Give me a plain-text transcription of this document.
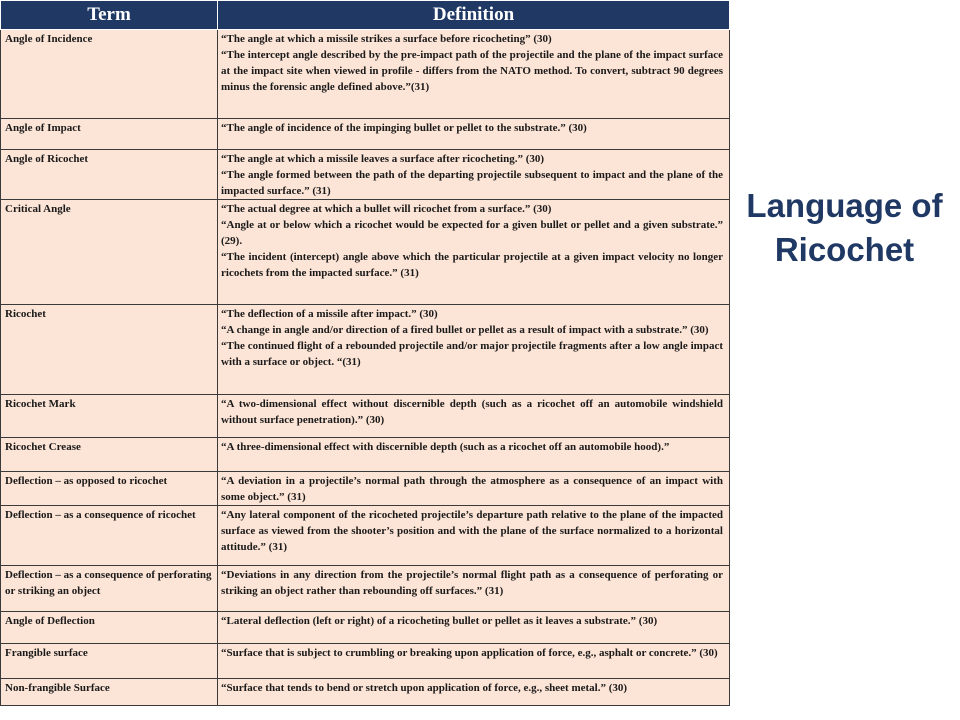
Term	Definition
Angle of Incidence	“The angle at which a missile strikes a surface before ricocheting” (30)
“The intercept angle described by the pre-impact path of the projectile and the plane of the impact surface at the impact site when viewed in profile - differs from the NATO method. To convert, subtract 90 degrees minus the forensic angle defined above.”(31)

Angle of Impact	“The angle of incidence of the impinging bullet or pellet to the substrate.” (30)

Angle of Ricochet	“The angle at which a missile leaves a surface after ricocheting.” (30)
“The angle formed between the path of the departing projectile subsequent to impact and the plane of the impacted surface.” (31)

Critical Angle	“The actual degree at which a bullet will ricochet from a surface.” (30)
“Angle at or below which a ricochet would be expected for a given bullet or pellet and a given substrate.” (29).
“The incident (intercept) angle above which the particular projectile at a given impact velocity no longer ricochets from the impacted surface.” (31)

Ricochet	“The deflection of a missile after impact.” (30)
“A change in angle and/or direction of a fired bullet or pellet as a result of impact with a substrate.” (30)
“The continued flight of a rebounded projectile and/or major projectile fragments after a low angle impact with a surface or object. “(31)

Ricochet Mark	“A two-dimensional effect without discernible depth (such as a ricochet off an automobile windshield without surface penetration).” (30)

Ricochet Crease	“A three-dimensional effect with discernible depth (such as a ricochet off an automobile hood).”

Deflection – as opposed to ricochet	“A deviation in a projectile’s normal path through the atmosphere as a consequence of an impact with some object.” (31)

Deflection – as a consequence of ricochet	“Any lateral component of the ricocheted projectile’s departure path relative to the plane of the impacted surface as viewed from the shooter’s position and with the plane of the surface normalized to a horizontal attitude.” (31)

Deflection – as a consequence of perforating or striking an object	“Deviations in any direction from the projectile’s normal flight path as a consequence of perforating or striking an object rather than rebounding off surfaces.” (31)

Angle of Deflection	“Lateral deflection (left or right) of a ricocheting bullet or pellet as it leaves a substrate.” (30)

Frangible surface	“Surface that is subject to crumbling or breaking upon application of force, e.g., asphalt or concrete.” (30)

Non-frangible Surface	“Surface that tends to bend or stretch upon application of force, e.g., sheet metal.” (30)
Language of Ricochet
